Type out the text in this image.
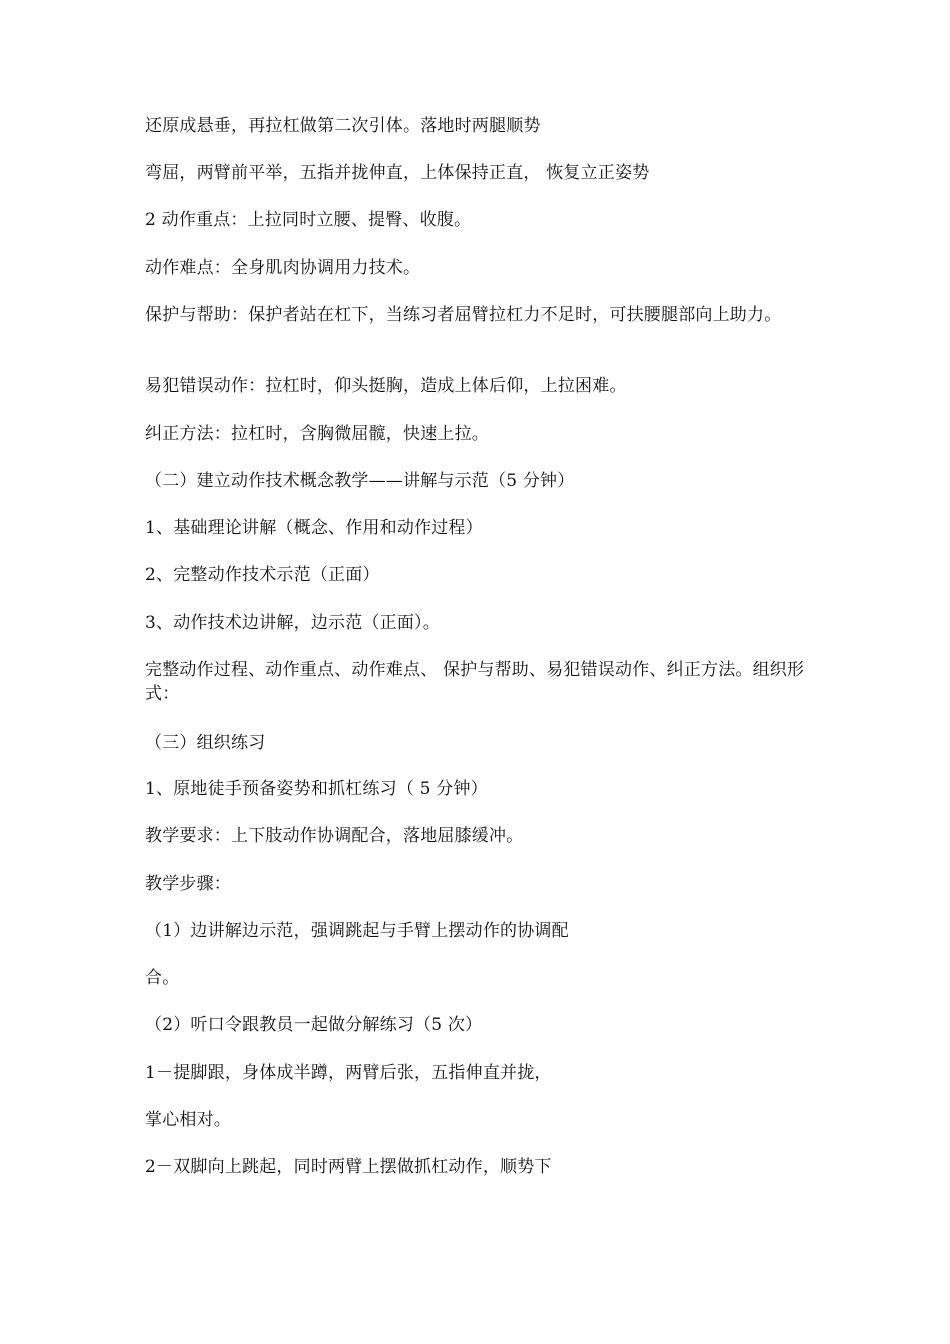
还原成悬垂，再拉杠做第二次引体。落地时两腿顺势
弯屈，两臂前平举，五指并拢伸直，上体保持正直， 恢复立正姿势
2 动作重点：上拉同时立腰、提臀、收腹。
动作难点：全身肌肉协调用力技术。
保护与帮助：保护者站在杠下，当练习者屈臂拉杠力不足时，可扶腰腿部向上助力。
易犯错误动作：拉杠时，仰头挺胸，造成上体后仰，上拉困难。
纠正方法：拉杠时，含胸微屈髋，快速上拉。
（二）建立动作技术概念教学——讲解与示范（5 分钟）
1、基础理论讲解（概念、作用和动作过程）
2、完整动作技术示范（正面）
3、动作技术边讲解，边示范（正面）。
完整动作过程、动作重点、动作难点、 保护与帮助、易犯错误动作、纠正方法。组织形式：
（三）组织练习
1、原地徒手预备姿势和抓杠练习（ 5 分钟）
教学要求：上下肢动作协调配合，落地屈膝缓冲。
教学步骤：
（1）边讲解边示范，强调跳起与手臂上摆动作的协调配
合。
（2）听口令跟教员一起做分解练习（5 次）
1－提脚跟，身体成半蹲，两臂后张，五指伸直并拢，
掌心相对。
2－双脚向上跳起，同时两臂上摆做抓杠动作，顺势下
